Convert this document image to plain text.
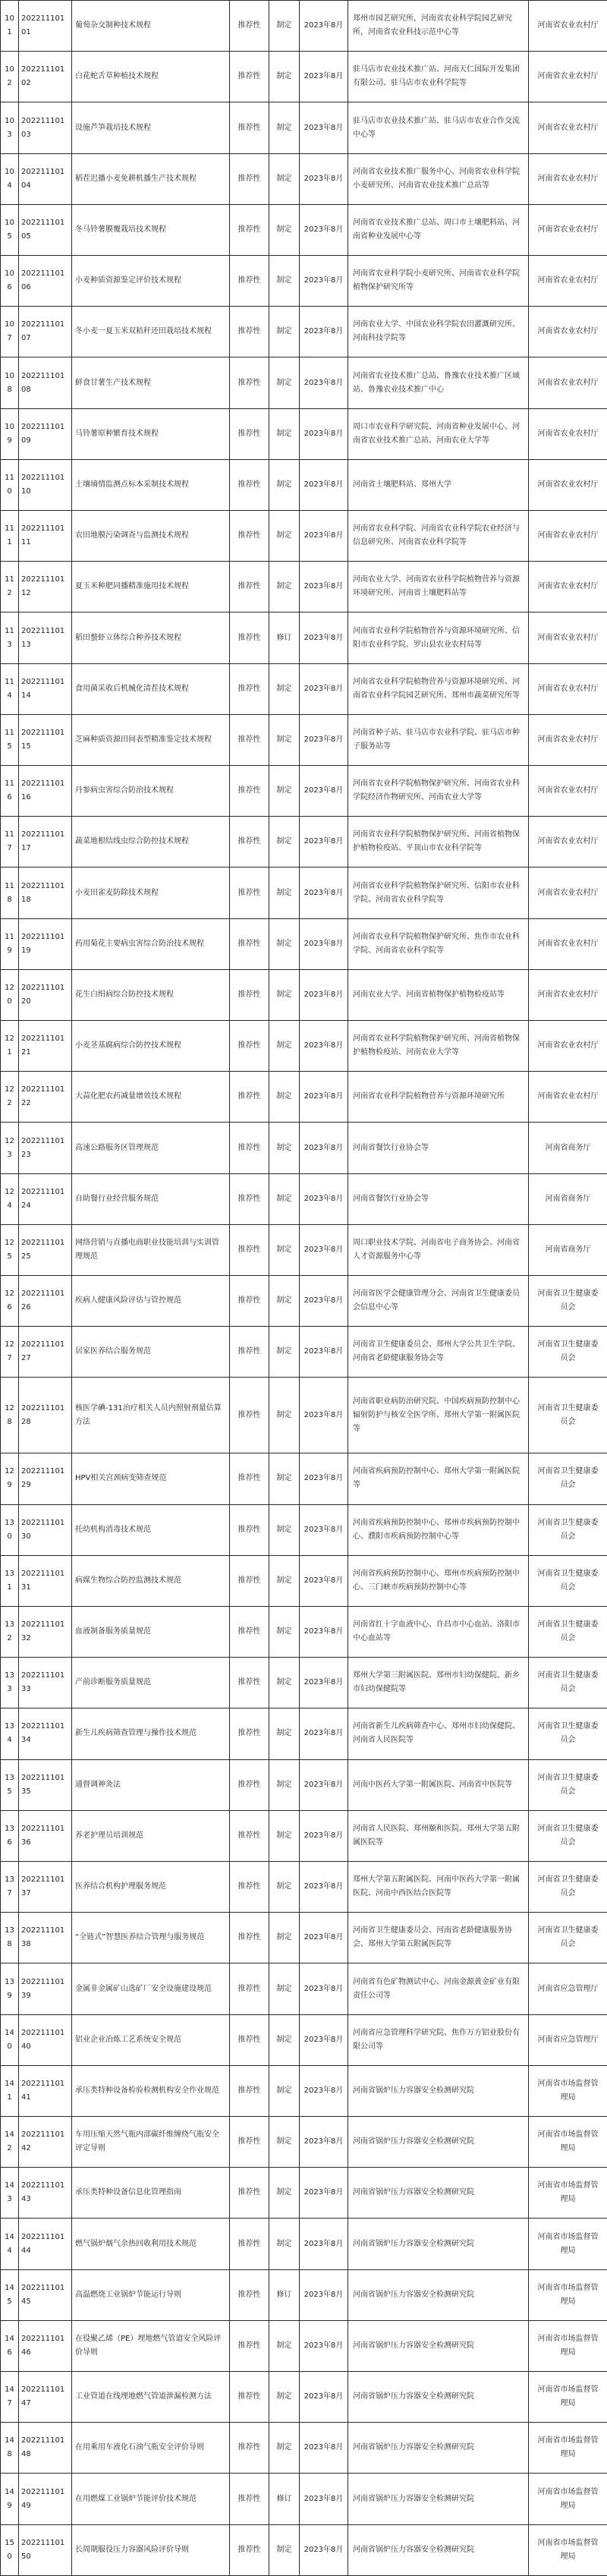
101	20221110101	葡萄杂交制种技术规程	推荐性	制定	2023年8月	郑州市园艺研究所，河南省农业科学院园艺研究所，河南省农业科技示范中心等	河南省农业农村厅
102	20221110102	白花蛇舌草种植技术规程	推荐性	制定	2023年8月	驻马店市农业技术推广站、河南天仁国际开发集团有限公司、驻马店市农业科学院等	河南省农业农村厅
103	20221110103	设施芦笋栽培技术规程	推荐性	制定	2023年8月	驻马店市农业技术推广站、驻马店市农业合作交流中心等	河南省农业农村厅
104	20221110104	稻茬迟播小麦免耕机播生产技术规程	推荐性	制定	2023年8月	河南省农业技术推广服务中心、河南省农业科学院小麦研究所、河南省农业技术推广总站等	河南省农业农村厅
105	20221110105	冬马铃薯膜覆栽培技术规程	推荐性	制定	2023年8月	河南省农业技术推广总站、周口市土壤肥料站、河南省种业发展中心等	河南省农业农村厅
106	20221110106	小麦种质资源鉴定评价技术规程	推荐性	制定	2023年8月	河南省农业科学院小麦研究所、河南省农业科学院植物保护研究所等	河南省农业农村厅
107	20221110107	冬小麦一夏玉米双秸秆还田栽培技术规程	推荐性	制定	2023年8月	河南农业大学、中国农业科学院农田灌溉研究所、河南科技学院等	河南省农业农村厅
108	20221110108	鲜食甘薯生产技术规程	推荐性	制定	2023年8月	河南省农业技术推广总站、鲁豫农业技术推广区域站、鲁豫农业技术推广中心	河南省农业农村厅
109	20221110109	马铃薯原种繁育技术规程	推荐性	制定	2023年8月	周口市农业科学研究院、河南省种业发展中心、河南省农业技术推广总站、河南农业大学等	河南省农业农村厅
110	20221110110	土壤墒情监测点标本采制技术规程	推荐性	制定	2023年8月	河南省土壤肥料站、郑州大学	河南省农业农村厅
111	20221110111	农田地膜污染调查与监测技术规程	推荐性	制定	2023年8月	河南省农业科学院、河南省农业科学院农业经济与信息研究所、河南省农业科学院等	河南省农业农村厅
112	20221110112	夏玉米种肥同播精准施用技术规程	推荐性	制定	2023年8月	河南农业大学、河南省农业科学院植物营养与资源环境研究所、河南省土壤肥料站等	河南省农业农村厅
113	20221110113	稻田螯虾立体综合种养技术规程	推荐性	修订	2023年8月	河南省农业科学院植物营养与资源环境研究所、信阳市农业科学院、罗山县农业农村局等	河南省农业农村厅
114	20221110114	食用菌采收后机械化清茬技术规程	推荐性	制定	2023年8月	河南省农业科学院植物营养与资源环境研究所、河南省农业科学院园艺研究所、郑州市蔬菜研究所等	河南省农业农村厅
115	20221110115	芝麻种质资源田间表型精准鉴定技术规程	推荐性	制定	2023年8月	河南省种子站、驻马店市农业科学院、驻马店市种子服务站等	河南省农业农村厅
116	20221110116	丹参病虫害综合防治技术规程	推荐性	制定	2023年8月	河南省农业科学院植物保护研究所、河南省农业科学院经济作物研究所、河南农业大学等	河南省农业农村厅
117	20221110117	蔬菜地根结线虫综合防控技术规程	推荐性	制定	2023年8月	河南省农业科学院植物保护研究所、河南省植物保护植物检疫站、平顶山市农业科学院等	河南省农业农村厅
118	20221110118	小麦田雀麦防除技术规程	推荐性	制定	2023年8月	河南省农业科学院植物保护研究所、信阳市农业科学院、河南省农业科学院等	河南省农业农村厅
119	20221110119	药用菊花主要病虫害综合防治技术规程	推荐性	制定	2023年8月	河南省农业科学院植物保护研究所、焦作市农业科学院、河南省农业科学院等	河南省农业农村厅
120	20221110120	花生白绢病综合防控技术规程	推荐性	制定	2023年8月	河南农业大学、河南省植物保护植物检疫站等	河南省农业农村厅
121	20221110121	小麦茎基腐病综合防控技术规程	推荐性	制定	2023年8月	河南省农业科学院植物保护研究所、河南省植物保护植物检疫站、河南农业大学等	河南省农业农村厅
122	20221110122	大蒜化肥农药减量增效技术规程	推荐性	制定	2023年8月	河南省农业科学院植物营养与资源环境研究所	河南省农业农村厅
123	20221110123	高速公路服务区管理规范	推荐性	制定	2023年8月	河南省餐饮行业协会等	河南省商务厅
124	20221110124	自助餐行业经营服务规范	推荐性	制定	2023年8月	河南省餐饮行业协会等	河南省商务厅
125	20221110125	网络营销与直播电商职业技能培训与实训管理规范	推荐性	制定	2023年8月	周口职业技术学院、河南省电子商务协会、河南省人才资源服务中心等	河南省商务厅
126	20221110126	疾病人健康风险评估与管控规范	推荐性	制定	2023年8月	河南省医学会健康管理分会、河南省卫生健康委员会信息中心等	河南省卫生健康委员会
127	20221110127	居家医养结合服务规范	推荐性	制定	2023年8月	河南省卫生健康委员会、郑州大学公共卫生学院、河南省老龄健康服务协会等	河南省卫生健康委员会
128	20221110128	核医学碘-131治疗相关人员内照射剂量估算方法	推荐性	制定	2023年8月	河南省职业病防治研究院、中国疾病预防控制中心辐射防护与核安全医学所、郑州大学第一附属医院等	河南省卫生健康委员会
129	20221110129	HPV相关宫颈病变筛查规范	推荐性	制定	2023年8月	河南省疾病预防控制中心、郑州大学第一附属医院等	河南省卫生健康委员会
130	20221110130	托幼机构消毒技术规范	推荐性	制定	2023年8月	河南省疾病预防控制中心、郑州市疾病预防控制中心、濮阳市疾病预防控制中心等	河南省卫生健康委员会
131	20221110131	病媒生物综合防控监测技术规范	推荐性	制定	2023年8月	河南省疾病预防控制中心、郑州市疾病预防控制中心、三门峡市疾病预防控制中心等	河南省卫生健康委员会
132	20221110132	血液制备服务质量规范	推荐性	制定	2023年8月	河南省红十字血液中心、许昌市中心血站、洛阳市中心血站等	河南省卫生健康委员会
133	20221110133	产前诊断服务质量规范	推荐性	制定	2023年8月	郑州大学第三附属医院、郑州市妇幼保健院、新乡市妇幼保健院等	河南省卫生健康委员会
134	20221110134	新生儿疾病筛查管理与操作技术规范	推荐性	制定	2023年8月	河南省新生儿疾病筛查中心、郑州市妇幼保健院、河南省人民医院等	河南省卫生健康委员会
135	20221110135	通督调神灸法	推荐性	制定	2023年8月	河南中医药大学第一附属医院、河南省中医院等	河南省卫生健康委员会
136	20221110136	养老护理员培训规范	推荐性	制定	2023年8月	河南省人民医院、郑州颐和医院、郑州大学第五附属医院等	河南省卫生健康委员会
137	20221110137	医养结合机构护理服务规范	推荐性	制定	2023年8月	郑州大学第五附属医院、河南中医药大学第一附属医院、河南中西医结合医院等	河南省卫生健康委员会
138	20221110138	“全链式”智慧医养结合管理与服务规范	推荐性	制定	2023年8月	河南省卫生健康委员会、河南省老龄健康服务协会、郑州大学第五附属医院等	河南省卫生健康委员会
139	20221110139	金属非金属矿山选矿厂安全设施建设规范	推荐性	制定	2023年8月	河南省有色矿物测试中心、河南金源黄金矿业有限责任公司等	河南省应急管理厅
140	20221110140	铝业企业冶炼工艺系统安全规范	推荐性	制定	2023年8月	河南省应急管理科学研究院、焦作万方铝业股份有限公司等	河南省应急管理厅
141	20221110141	承压类特种设备检验检测机构安全作业规范	推荐性	制定	2023年8月	河南省锅炉压力容器安全检测研究院	河南省市场监督管理局
142	20221110142	车用压缩天然气瓶内部碳纤维缠绕气瓶安全评定导则	推荐性	制定	2023年8月	河南省锅炉压力容器安全检测研究院	河南省市场监督管理局
143	20221110143	承压类特种设备信息化管理指南	推荐性	制定	2023年8月	河南省锅炉压力容器安全检测研究院	河南省市场监督管理局
144	20221110144	燃气锅炉烟气余热回收利用技术规范	推荐性	制定	2023年8月	河南省锅炉压力容器安全检测研究院	河南省市场监督管理局
145	20221110145	高温燃烧工业锅炉节能运行导则	推荐性	修订	2023年8月	河南省锅炉压力容器安全检测研究院	河南省市场监督管理局
146	20221110146	在役聚乙烯（PE）埋地燃气管道安全风险评价导则	推荐性	制定	2023年8月	河南省锅炉压力容器安全检测研究院	河南省市场监督管理局
147	20221110147	工业管道在线埋地燃气管道泄漏检测方法	推荐性	制定	2023年8月	河南省锅炉压力容器安全检测研究院	河南省市场监督管理局
148	20221110148	在用乘用车液化石油气瓶安全评价导则	推荐性	制定	2023年8月	河南省锅炉压力容器安全检测研究院	河南省市场监督管理局
149	20221110149	在用燃煤工业锅炉节能评价技术规范	推荐性	修订	2023年8月	河南省锅炉压力容器安全检测研究院	河南省市场监督管理局
150	20221110150	长周期服役压力容器风险评价导则	推荐性	制定	2023年8月	河南省锅炉压力容器安全检测研究院	河南省市场监督管理局
